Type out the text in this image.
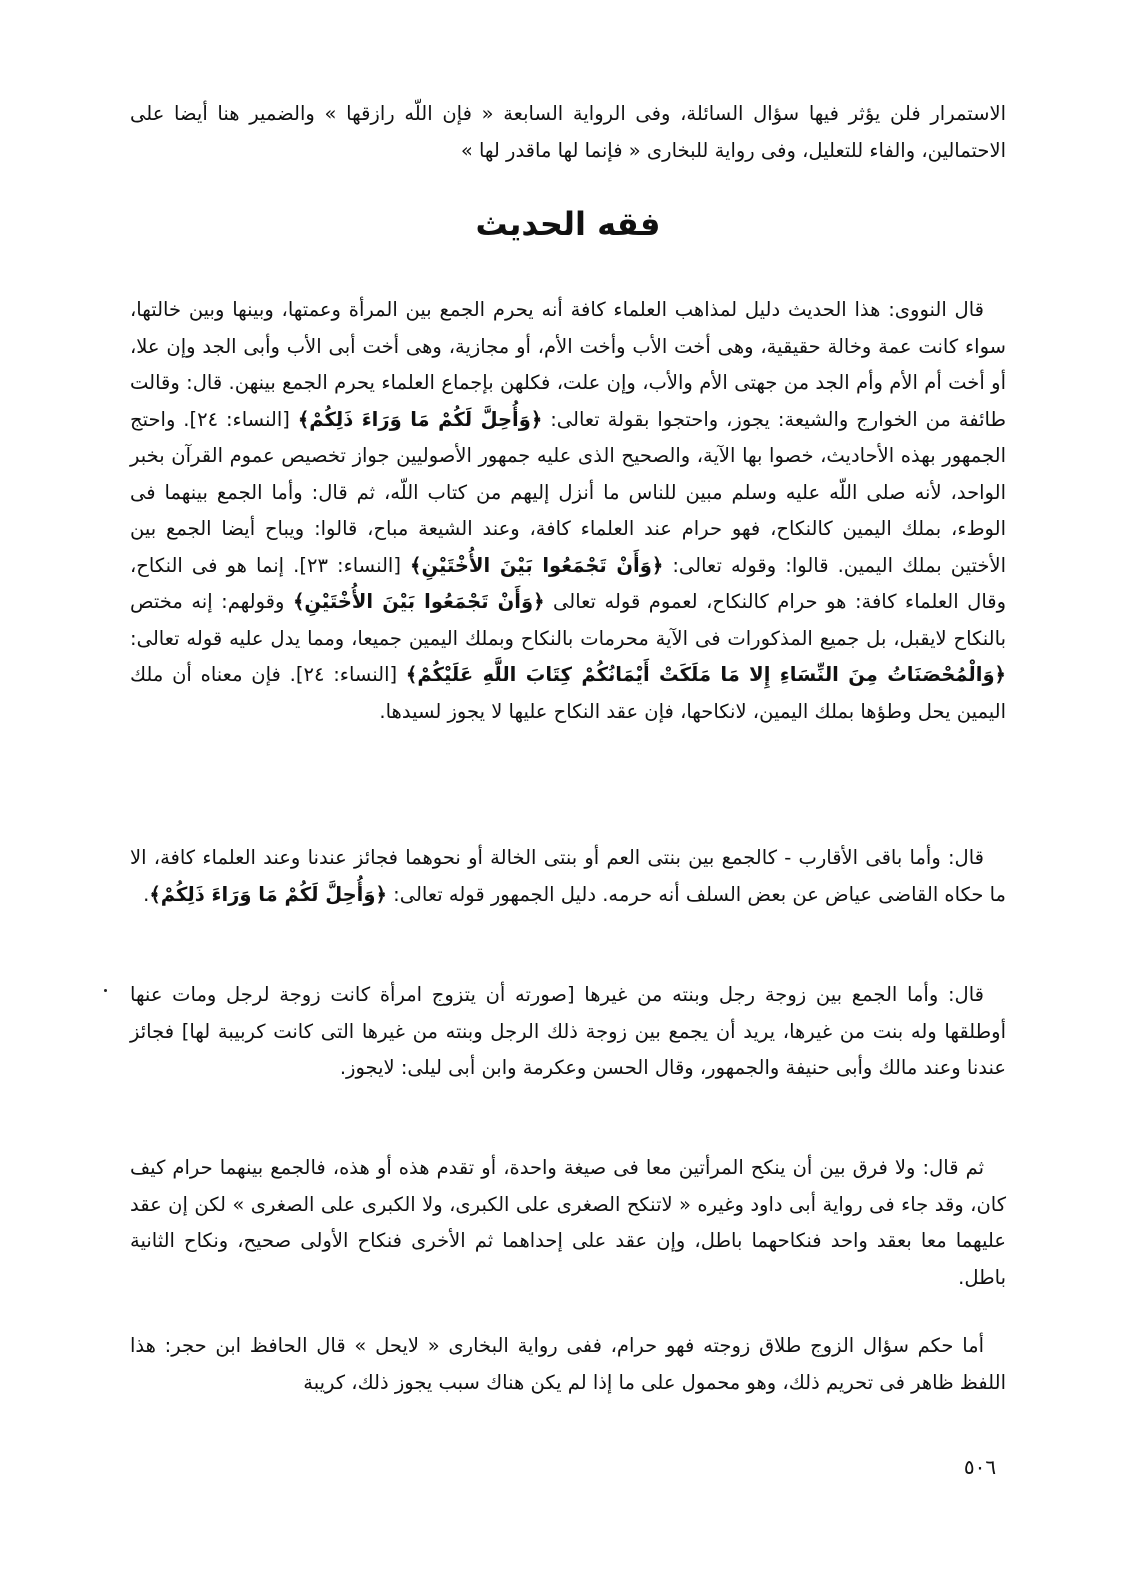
الاستمرار فلن يؤثر فيها سؤال السائلة، وفى الرواية السابعة « فإن اللّه رازقها » والضمير هنا أيضا على الاحتمالين، والفاء للتعليل، وفى رواية للبخارى « فإنما لها ماقدر لها »

فقه الحديث

قال النووى: هذا الحديث دليل لمذاهب العلماء كافة أنه يحرم الجمع بين المرأة وعمتها، وبينها وبين خالتها، سواء كانت عمة وخالة حقيقية، وهى أخت الأب وأخت الأم، أو مجازية، وهى أخت أبى الأب وأبى الجد وإن علا، أو أخت أم الأم وأم الجد من جهتى الأم والأب، وإن علت، فكلهن بإجماع العلماء يحرم الجمع بينهن. قال: وقالت طائفة من الخوارج والشيعة: يجوز، واحتجوا بقولة تعالى: ﴿وَأُحِلَّ لَكُمْ مَا وَرَاءَ ذَلِكُمْ﴾ [النساء: ٢٤]. واحتج الجمهور بهذه الأحاديث، خصوا بها الآية، والصحيح الذى عليه جمهور الأصوليين جواز تخصيص عموم القرآن بخبر الواحد، لأنه صلى اللّه عليه وسلم مبين للناس ما أنزل إليهم من كتاب اللّه، ثم قال: وأما الجمع بينهما فى الوطء، بملك اليمين كالنكاح، فهو حرام عند العلماء كافة، وعند الشيعة مباح، قالوا: ويباح أيضا الجمع بين الأختين بملك اليمين. قالوا: وقوله تعالى: ﴿وَأَنْ تَجْمَعُوا بَيْنَ الأُخْتَيْنِ﴾ [النساء: ٢٣]. إنما هو فى النكاح، وقال العلماء كافة: هو حرام كالنكاح، لعموم قوله تعالى ﴿وَأَنْ تَجْمَعُوا بَيْنَ الأُخْتَيْنِ﴾ وقولهم: إنه مختص بالنكاح لايقبل، بل جميع المذكورات فى الآية محرمات بالنكاح وبملك اليمين جميعا، ومما يدل عليه قوله تعالى: ﴿وَالْمُحْصَنَاتُ مِنَ النِّسَاءِ إِلا مَا مَلَكَتْ أَيْمَانُكُمْ كِتَابَ اللَّهِ عَلَيْكُمْ﴾ [النساء: ٢٤]. فإن معناه أن ملك اليمين يحل وطؤها بملك اليمين، لانكاحها، فإن عقد النكاح عليها لا يجوز لسيدها.

قال: وأما باقى الأقارب - كالجمع بين بنتى العم أو بنتى الخالة أو نحوهما فجائز عندنا وعند العلماء كافة، الا ما حكاه القاضى عياض عن بعض السلف أنه حرمه. دليل الجمهور قوله تعالى: ﴿وَأُحِلَّ لَكُمْ مَا وَرَاءَ ذَلِكُمْ﴾.

قال: وأما الجمع بين زوجة رجل وبنته من غيرها [صورته أن يتزوج امرأة كانت زوجة لرجل ومات عنها أوطلقها وله بنت من غيرها، يريد أن يجمع بين زوجة ذلك الرجل وبنته من غيرها التى كانت كربيبة لها] فجائز عندنا وعند مالك وأبى حنيفة والجمهور، وقال الحسن وعكرمة وابن أبى ليلى: لايجوز.

ثم قال: ولا فرق بين أن ينكح المرأتين معا فى صيغة واحدة، أو تقدم هذه أو هذه، فالجمع بينهما حرام كيف كان، وقد جاء فى رواية أبى داود وغيره « لاتنكح الصغرى على الكبرى، ولا الكبرى على الصغرى » لكن إن عقد عليهما معا بعقد واحد فنكاحهما باطل، وإن عقد على إحداهما ثم الأخرى فنكاح الأولى صحيح، ونكاح الثانية باطل.

أما حكم سؤال الزوج طلاق زوجته فهو حرام، ففى رواية البخارى « لايحل » قال الحافظ ابن حجر: هذا اللفظ ظاهر فى تحريم ذلك، وهو محمول على ما إذا لم يكن هناك سبب يجوز ذلك، كريبة

٥٠٦
